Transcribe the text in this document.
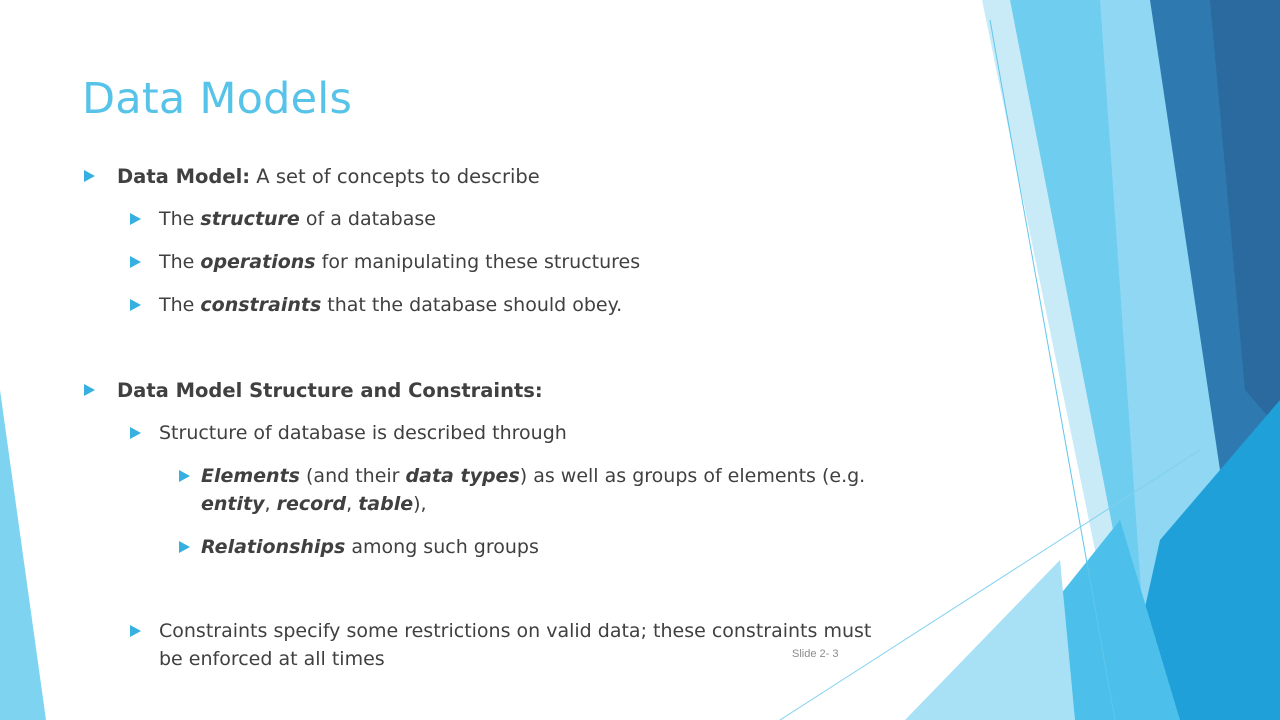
Data Models
Data Model: A set of concepts to describe
The structure of a database
The operations for manipulating these structures
The constraints that the database should obey.
Data Model Structure and Constraints:
Structure of database is described through
Elements (and their data types) as well as groups of elements (e.g.
entity, record, table),
Relationships among such groups
Constraints specify some restrictions on valid data; these constraints must
be enforced at all times	Slide 2- 3
